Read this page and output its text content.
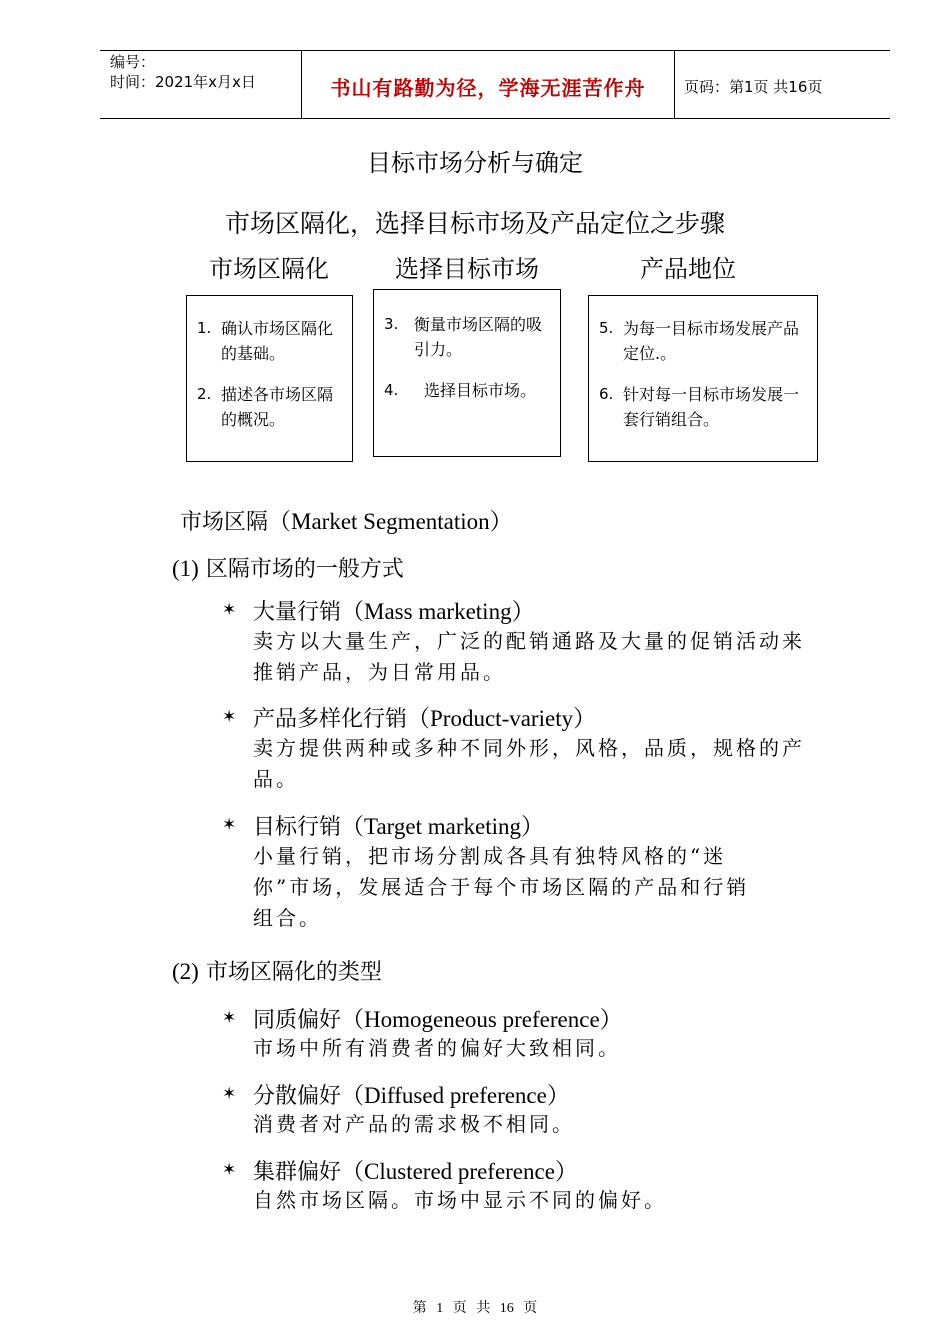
编号：
时间：2021年x月x日	书山有路勤为径，学海无涯苦作舟	页码：第1页 共16页
目标市场分析与确定
市场区隔化，选择目标市场及产品定位之步骤
市场区隔化	选择目标市场	产品地位
1. 确认市场区隔化的基础。
2. 描述各市场区隔的概况。
3. 衡量市场区隔的吸引力。
4. 选择目标市场。
5. 为每一目标市场发展产品定位.。
6. 针对每一目标市场发展一套行销组合。
市场区隔（Market Segmentation）
(1) 区隔市场的一般方式
✶ 大量行销（Mass marketing）
卖方以大量生产，广泛的配销通路及大量的促销活动来推销产品，为日常用品。
✶ 产品多样化行销（Product-variety）
卖方提供两种或多种不同外形，风格，品质，规格的产品。
✶ 目标行销（Target marketing）
小量行销，把市场分割成各具有独特风格的“迷你”市场，发展适合于每个市场区隔的产品和行销组合。
(2) 市场区隔化的类型
✶ 同质偏好（Homogeneous preference）
市场中所有消费者的偏好大致相同。
✶ 分散偏好（Diffused preference）
消费者对产品的需求极不相同。
✶ 集群偏好（Clustered preference）
自然市场区隔。市场中显示不同的偏好。
第 1 页 共 16 页
